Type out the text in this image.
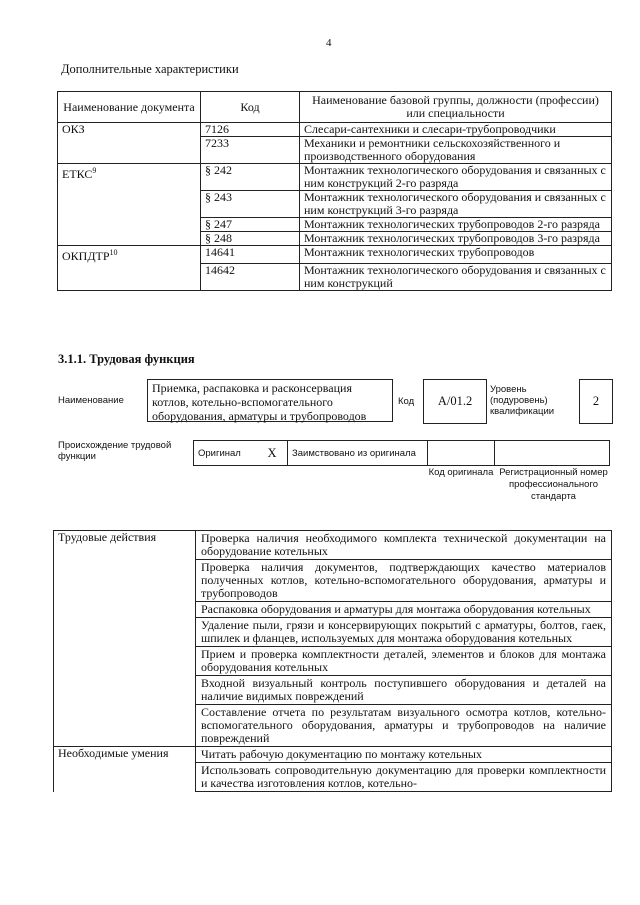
4
Дополнительные характеристики
Наименование документа	Код	Наименование базовой группы, должности (профессии) или специальности
ОКЗ	7126	Слесари-сантехники и слесари-трубопроводчики
	7233	Механики и ремонтники сельскохозяйственного и производственного оборудования
ЕТКС$^9$	§ 242	Монтажник технологического оборудования и связанных с ним конструкций 2-го разряда
	§ 243	Монтажник технологического оборудования и связанных с ним конструкций 3-го разряда
	§ 247	Монтажник технологических трубопроводов 2-го разряда
	§ 248	Монтажник технологических трубопроводов 3-го разряда
ОКПДТР$^{10}$	14641	Монтажник технологических трубопроводов
	14642	Монтажник технологического оборудования и связанных с ним конструкций
3.1.1. Трудовая функция
Наименование
Приемка, распаковка и расконсервация котлов, котельно-вспомогательного оборудования, арматуры и трубопроводов
Код A/01.2
Уровень (подуровень) квалификации
2
Происхождение трудовой функции	Оригинал	X	Заимствовано из оригинала		
Код оригинала Регистрационный номер профессионального стандарта
Трудовые действия	Проверка наличия необходимого комплекта технической документации на оборудование котельных
	Проверка наличия документов, подтверждающих качество материалов полученных котлов, котельно-вспомогательного оборудования, арматуры и трубопроводов
	Распаковка оборудования и арматуры для монтажа оборудования котельных
	Удаление пыли, грязи и консервирующих покрытий с арматуры, болтов, гаек, шпилек и фланцев, используемых для монтажа оборудования котельных
	Прием и проверка комплектности деталей, элементов и блоков для монтажа оборудования котельных
	Входной визуальный контроль поступившего оборудования и деталей на наличие видимых повреждений
	Составление отчета по результатам визуального осмотра котлов, котельно-вспомогательного оборудования, арматуры и трубопроводов на наличие повреждений
Необходимые умения	Читать рабочую документацию по монтажу котельных
	Использовать сопроводительную документацию для проверки комплектности и качества изготовления котлов, котельно-
